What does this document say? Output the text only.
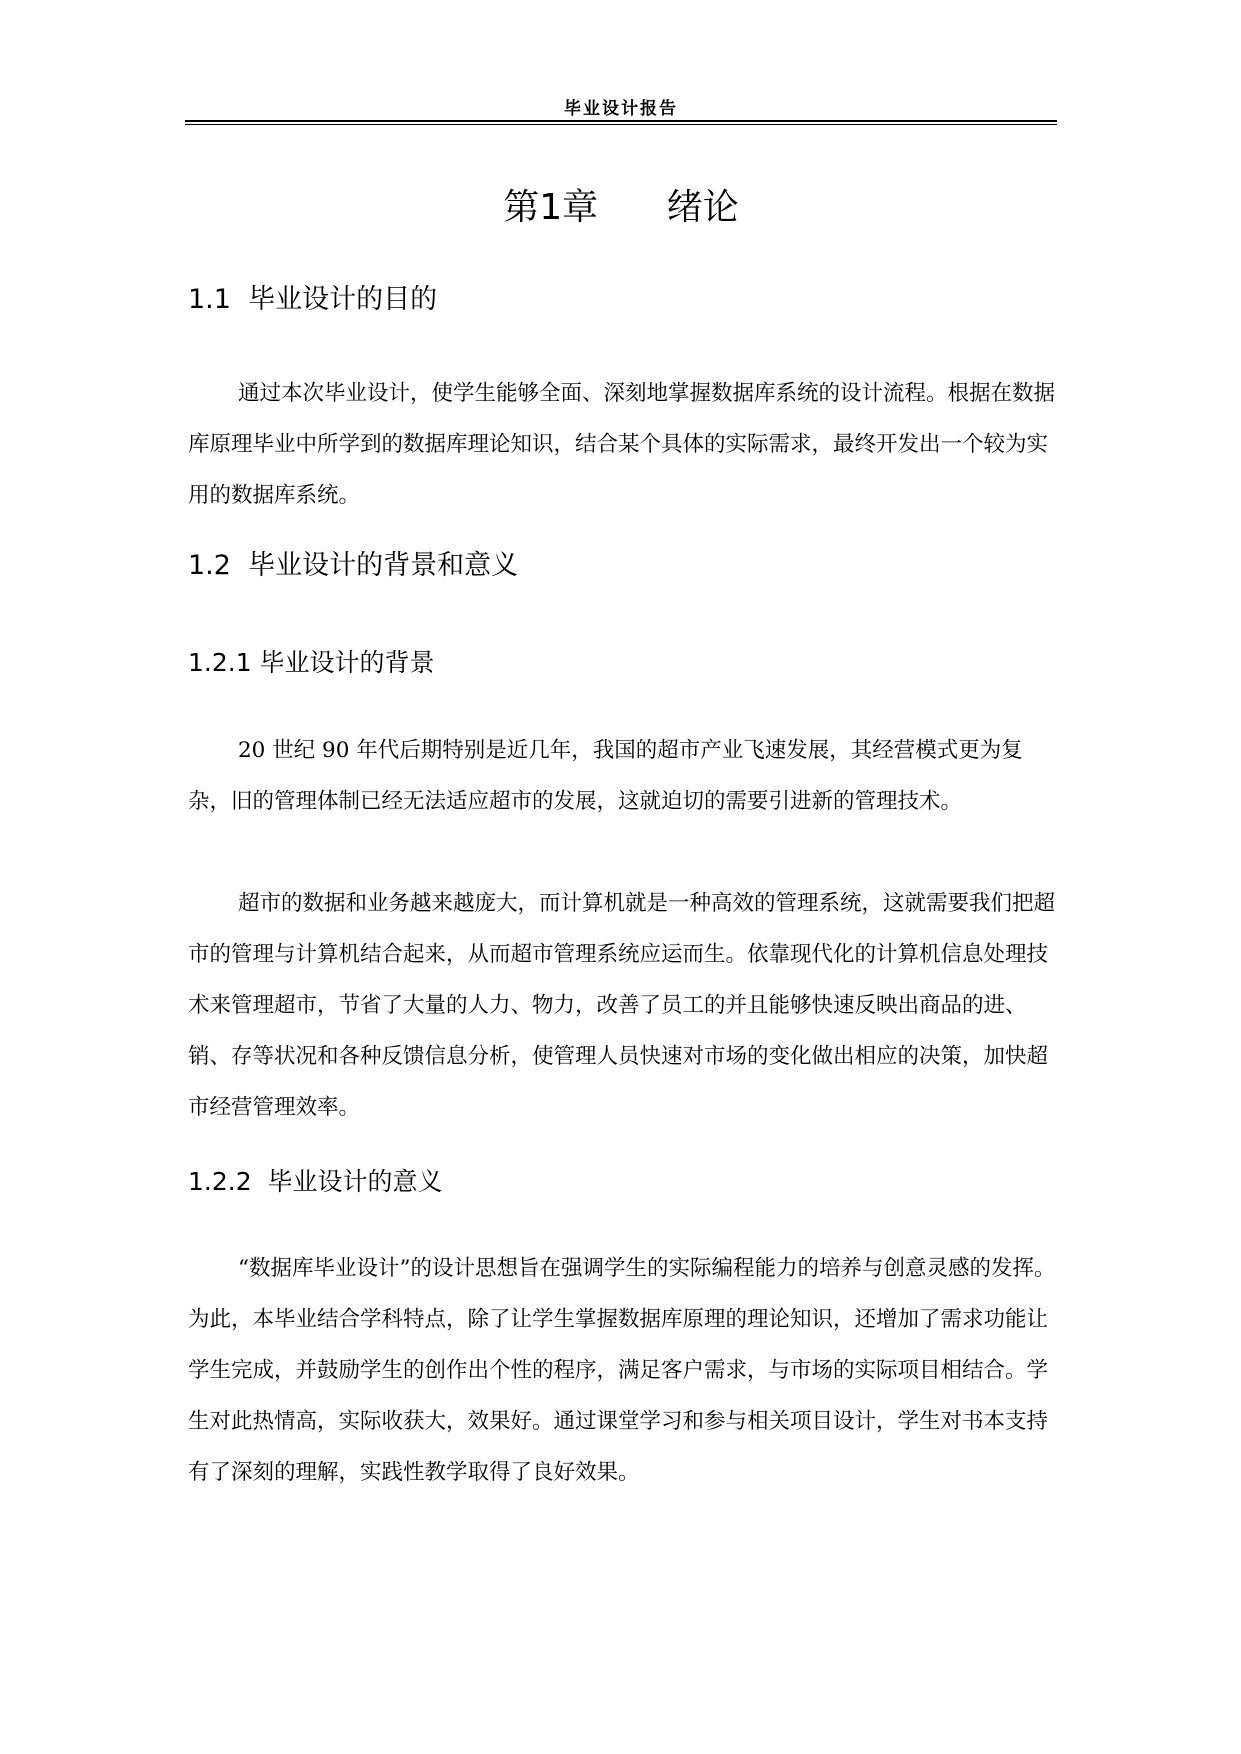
毕业设计报告
第1章      绪论
1.1  毕业设计的目的

通过本次毕业设计，使学生能够全面、深刻地掌握数据库系统的设计流程。根据在数据库原理毕业中所学到的数据库理论知识，结合某个具体的实际需求，最终开发出一个较为实用的数据库系统。

1.2  毕业设计的背景和意义
1.2.1 毕业设计的背景

20 世纪 90 年代后期特别是近几年，我国的超市产业飞速发展，其经营模式更为复杂，旧的管理体制已经无法适应超市的发展，这就迫切的需要引进新的管理技术。

超市的数据和业务越来越庞大，而计算机就是一种高效的管理系统，这就需要我们把超市的管理与计算机结合起来，从而超市管理系统应运而生。依靠现代化的计算机信息处理技术来管理超市，节省了大量的人力、物力，改善了员工的并且能够快速反映出商品的进、销、存等状况和各种反馈信息分析，使管理人员快速对市场的变化做出相应的决策，加快超市经营管理效率。

1.2.2  毕业设计的意义

“数据库毕业设计”的设计思想旨在强调学生的实际编程能力的培养与创意灵感的发挥。为此，本毕业结合学科特点，除了让学生掌握数据库原理的理论知识，还增加了需求功能让学生完成，并鼓励学生的创作出个性的程序，满足客户需求，与市场的实际项目相结合。学生对此热情高，实际收获大，效果好。通过课堂学习和参与相关项目设计，学生对书本支持有了深刻的理解，实践性教学取得了良好效果。
